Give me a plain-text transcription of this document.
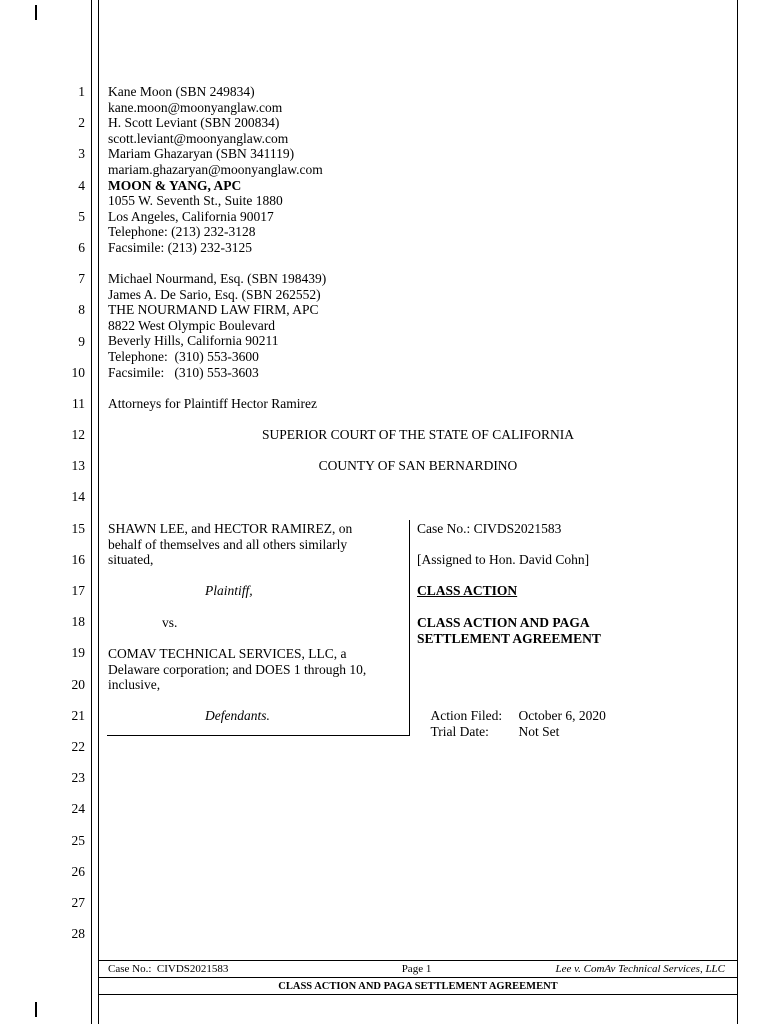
1
2
3
4
5
6
7
8
9
10
11
12
13
14
15
16
17
18
19
20
21
22
23
24
25
26
27
28
Kane Moon (SBN 249834)
kane.moon@moonyanglaw.com
H. Scott Leviant (SBN 200834)
scott.leviant@moonyanglaw.com
Mariam Ghazaryan (SBN 341119)
mariam.ghazaryan@moonyanglaw.com
MOON & YANG, APC
1055 W. Seventh St., Suite 1880
Los Angeles, California 90017
Telephone: (213) 232-3128
Facsimile: (213) 232-3125
Michael Nourmand, Esq. (SBN 198439)
James A. De Sario, Esq. (SBN 262552)
THE NOURMAND LAW FIRM, APC
8822 West Olympic Boulevard
Beverly Hills, California 90211
Telephone:  (310) 553-3600
Facsimile:   (310) 553-3603
Attorneys for Plaintiff Hector Ramirez
SUPERIOR COURT OF THE STATE OF CALIFORNIA
COUNTY OF SAN BERNARDINO
SHAWN LEE, and HECTOR RAMIREZ, on
behalf of themselves and all others similarly
situated,
Plaintiff,
vs.
COMAV TECHNICAL SERVICES, LLC, a
Delaware corporation; and DOES 1 through 10,
inclusive,
Defendants.
Case No.: CIVDS2021583
[Assigned to Hon. David Cohn]
CLASS ACTION
CLASS ACTION AND PAGA
SETTLEMENT AGREEMENT

Action Filed: October 6, 2020

Trial Date: Not Set

Case No.:  CIVDS2021583	Page 1	Lee v. ComAv Technical Services, LLC
CLASS ACTION AND PAGA SETTLEMENT AGREEMENT
